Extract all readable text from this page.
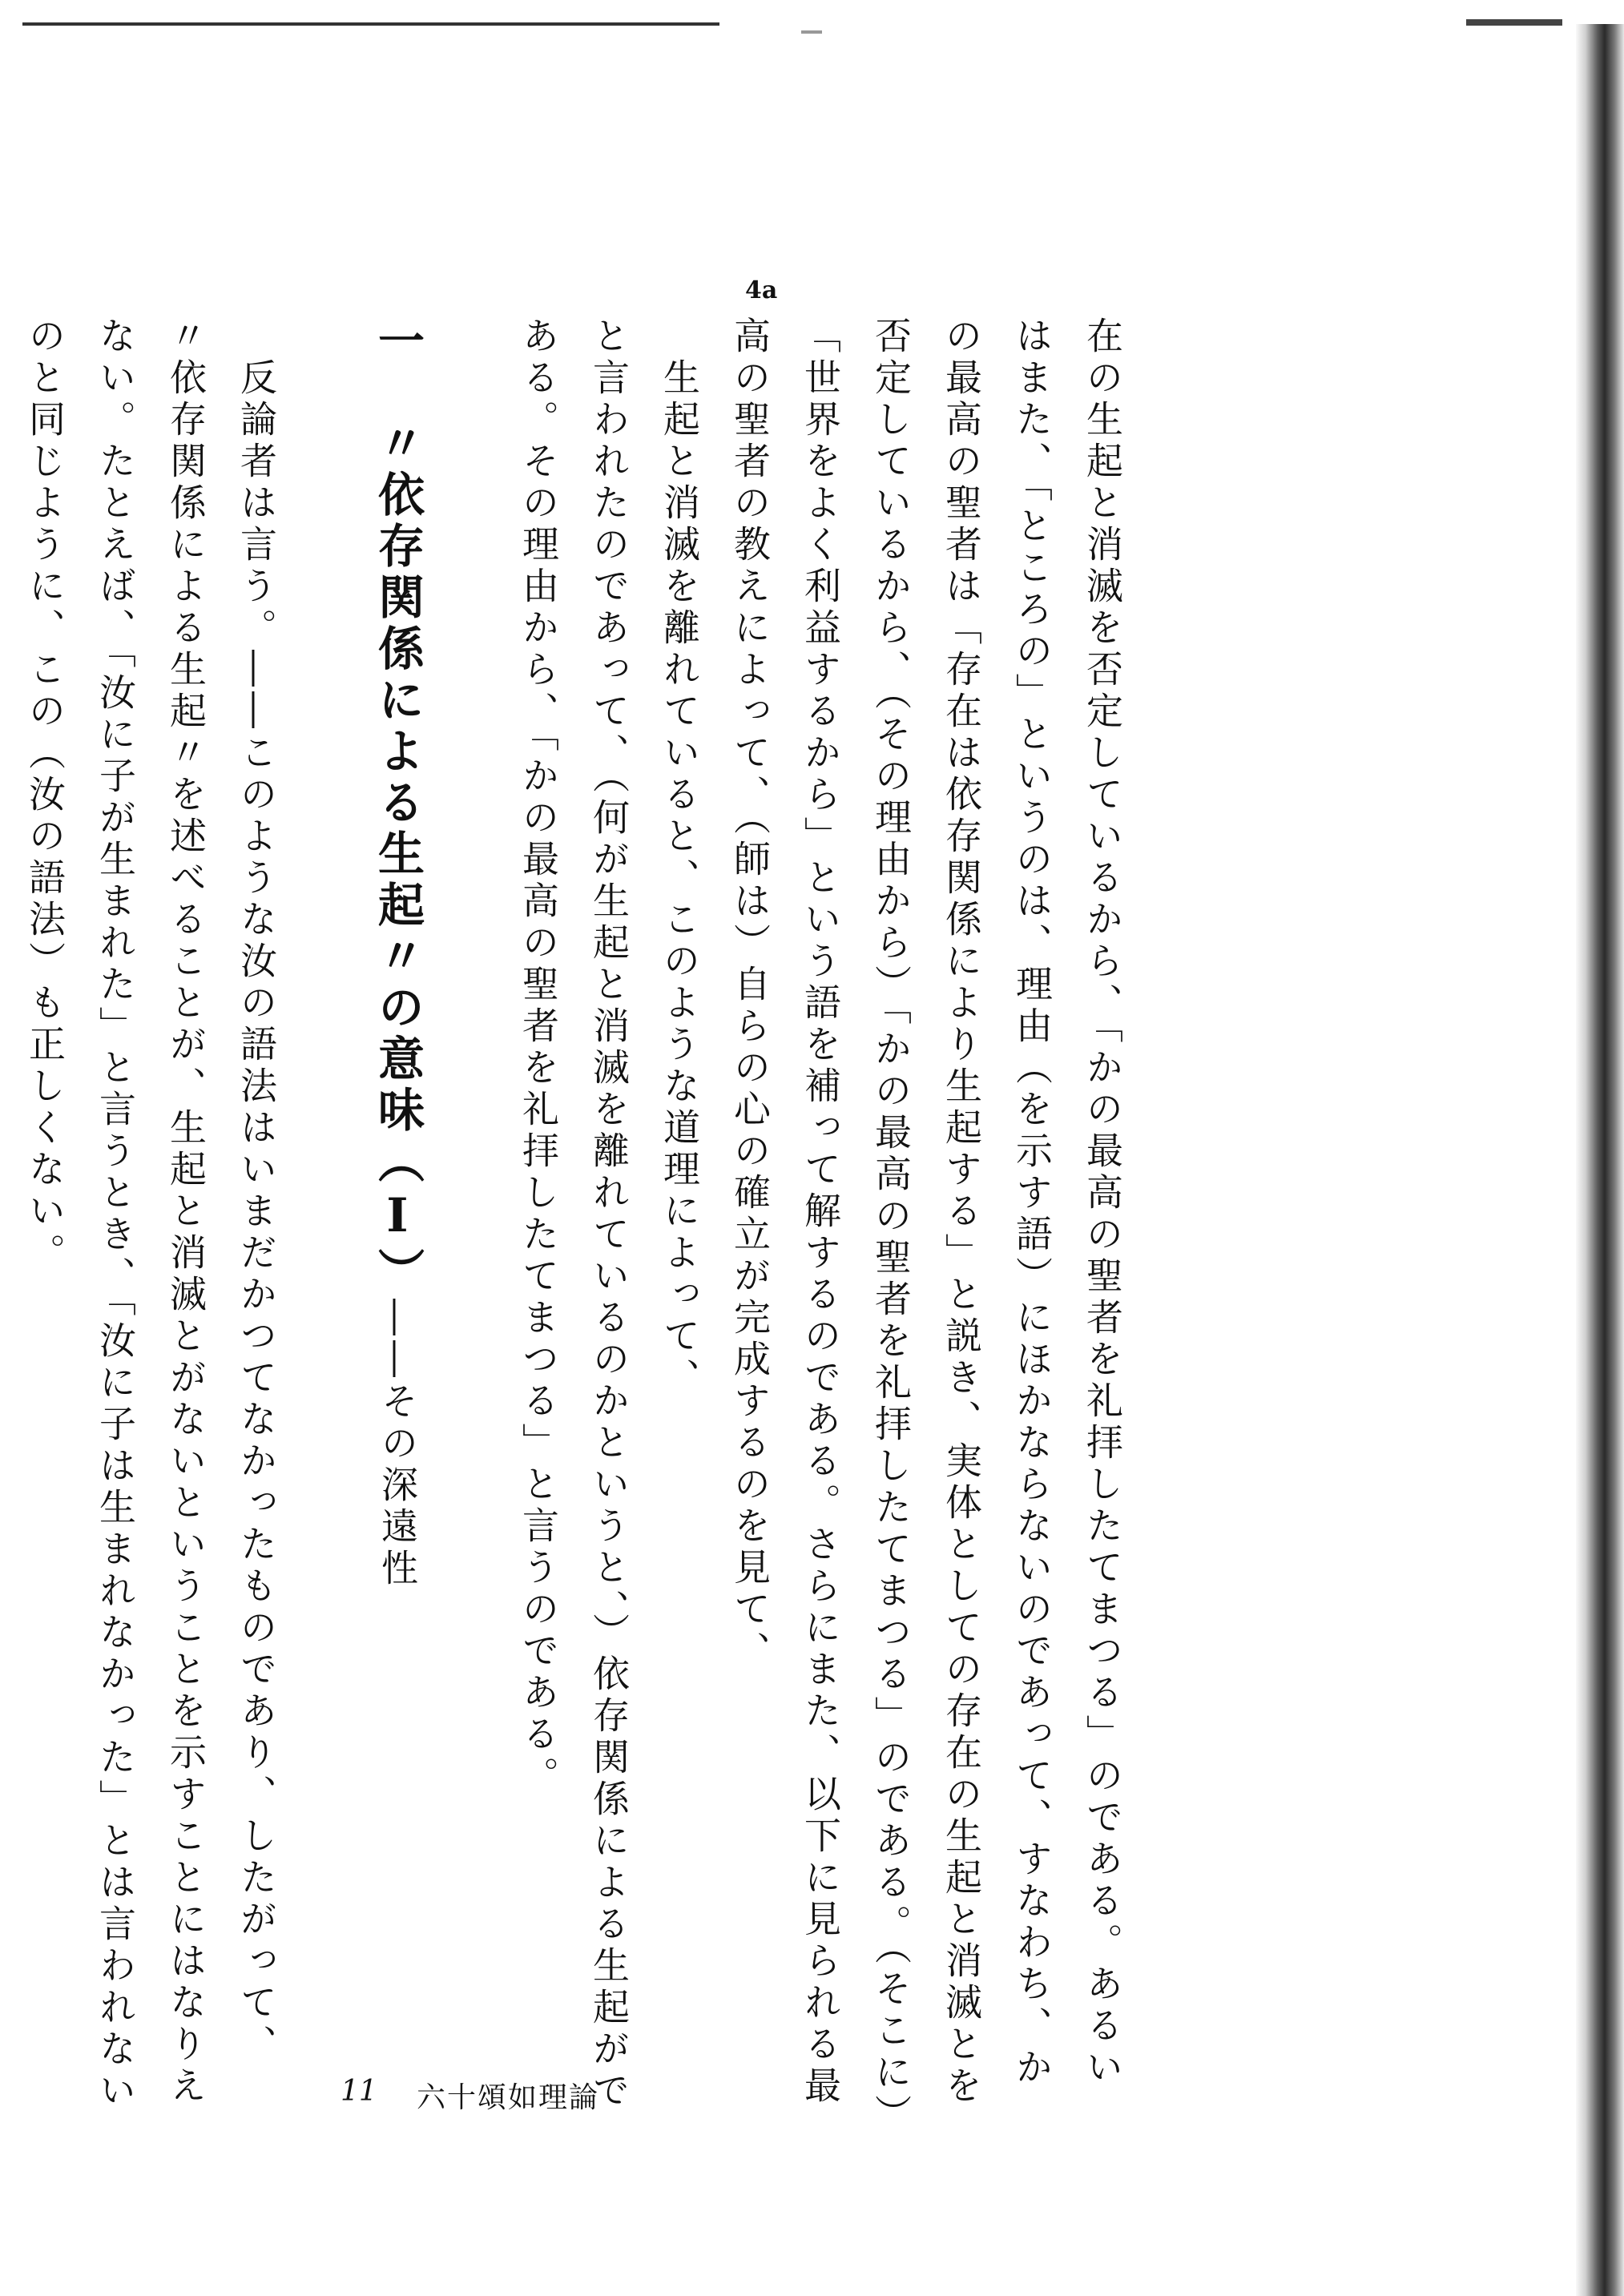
4a
在の生起と消滅を否定しているから、「かの最高の聖者を礼拝したてまつる」のである。あるい
はまた、「ところの」というのは、理由（を示す語）にほかならないのであって、すなわち、か
の最高の聖者は「存在は依存関係により生起する」と説き、実体としての存在の生起と消滅とを
否定しているから、（その理由から）「かの最高の聖者を礼拝したてまつる」のである。（そこに）
「世界をよく利益するから」という語を補って解するのである。さらにまた、以下に見られる最
高の聖者の教えによって、（師は）自らの心の確立が完成するのを見て、
　生起と消滅を離れていると、このような道理によって、
と言われたのであって、（何が生起と消滅を離れているのかというと、）依存関係による生起がで
ある。その理由から、「かの最高の聖者を礼拝したてまつる」と言うのである。
一　〃依存関係による生起〃の意味（Ⅰ）――その深遠性
　反論者は言う。――このような汝の語法はいまだかつてなかったものであり、したがって、
〃依存関係による生起〃を述べることが、生起と消滅とがないということを示すことにはなりえ
ない。たとえば、「汝に子が生まれた」と言うとき、「汝に子は生まれなかった」とは言われない
のと同じように、この（汝の語法）も正しくない。
11 六十頌如理論
